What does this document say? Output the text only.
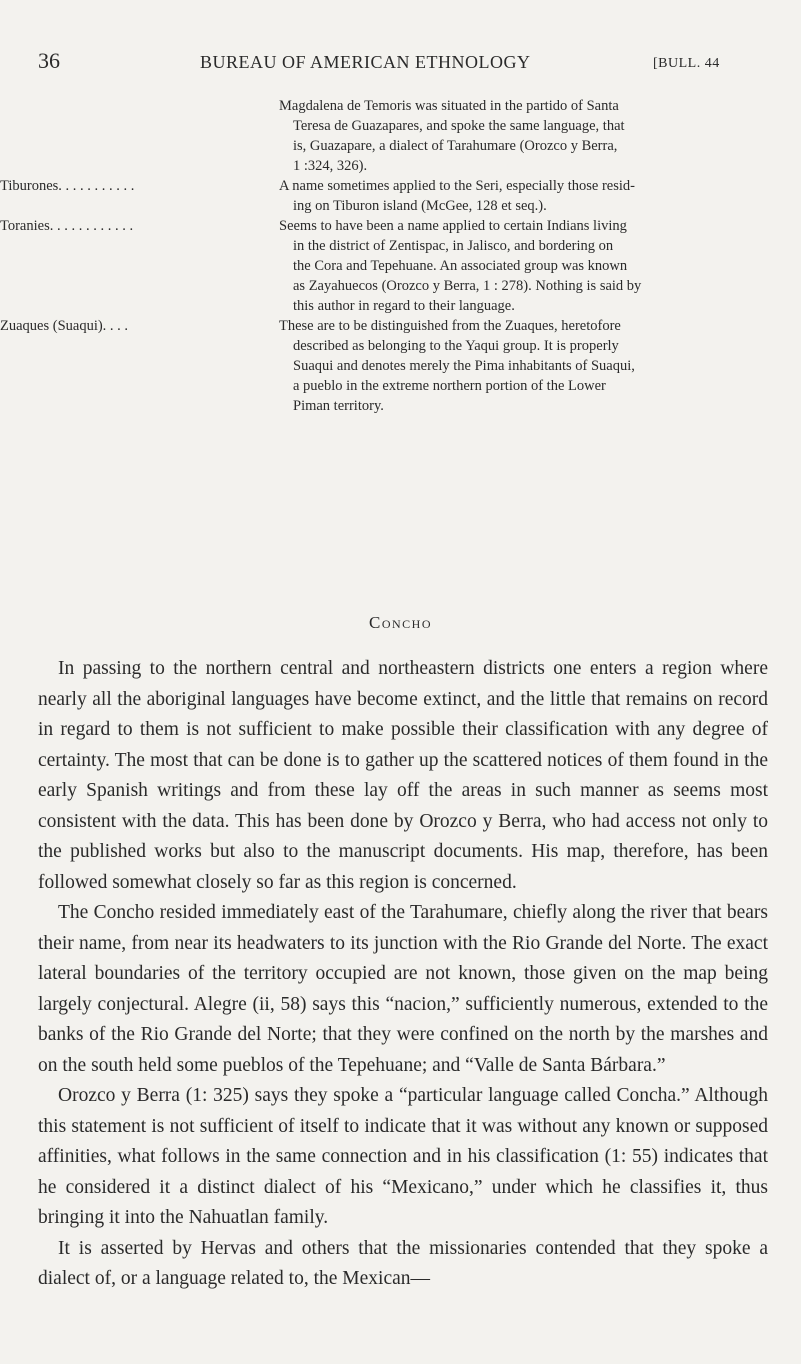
36	BUREAU OF AMERICAN ETHNOLOGY	[BULL. 44
Magdalena de Temoris was situated in the partido of Santa

Teresa de Guazapares, and spoke the same language, that
is, Guazapare, a dialect of Tarahumare (Orozco y Berra,
1 :324, 326).
Tiburones. . . . . . . . . . .	A name sometimes applied to the Seri, especially those resid-

ing on Tiburon island (McGee, 128 et seq.).
Toranies. . . . . . . . . . . .	Seems to have been a name applied to certain Indians living

in the district of Zentispac, in Jalisco, and bordering on
the Cora and Tepehuane. An associated group was known
as Zayahuecos (Orozco y Berra, 1 : 278). Nothing is said by
this author in regard to their language.
Zuaques (Suaqui). . . .	These are to be distinguished from the Zuaques, heretofore

described as belonging to the Yaqui group. It is properly
Suaqui and denotes merely the Pima inhabitants of Suaqui,
a pueblo in the extreme northern portion of the Lower
Piman territory.
Concho

In passing to the northern central and northeastern districts one enters a region where nearly all the aboriginal languages have become extinct, and the little that remains on record in regard to them is not sufficient to make possible their classification with any degree of certainty. The most that can be done is to gather up the scattered notices of them found in the early Spanish writings and from these lay off the areas in such manner as seems most consistent with the data. This has been done by Orozco y Berra, who had access not only to the published works but also to the manuscript documents. His map, therefore, has been followed somewhat closely so far as this region is concerned.

The Concho resided immediately east of the Tarahumare, chiefly along the river that bears their name, from near its headwaters to its junction with the Rio Grande del Norte. The exact lateral boundaries of the territory occupied are not known, those given on the map being largely conjectural. Alegre (ii, 58) says this “nacion,” sufficiently numerous, extended to the banks of the Rio Grande del Norte; that they were confined on the north by the marshes and on the south held some pueblos of the Tepehuane; and “Valle de Santa Bárbara.”

Orozco y Berra (1: 325) says they spoke a “particular language called Concha.” Although this statement is not sufficient of itself to indicate that it was without any known or supposed affinities, what follows in the same connection and in his classification (1: 55) indicates that he considered it a distinct dialect of his “Mexicano,” under which he classifies it, thus bringing it into the Nahuatlan family.

It is asserted by Hervas and others that the missionaries contended that they spoke a dialect of, or a language related to, the Mexican—
